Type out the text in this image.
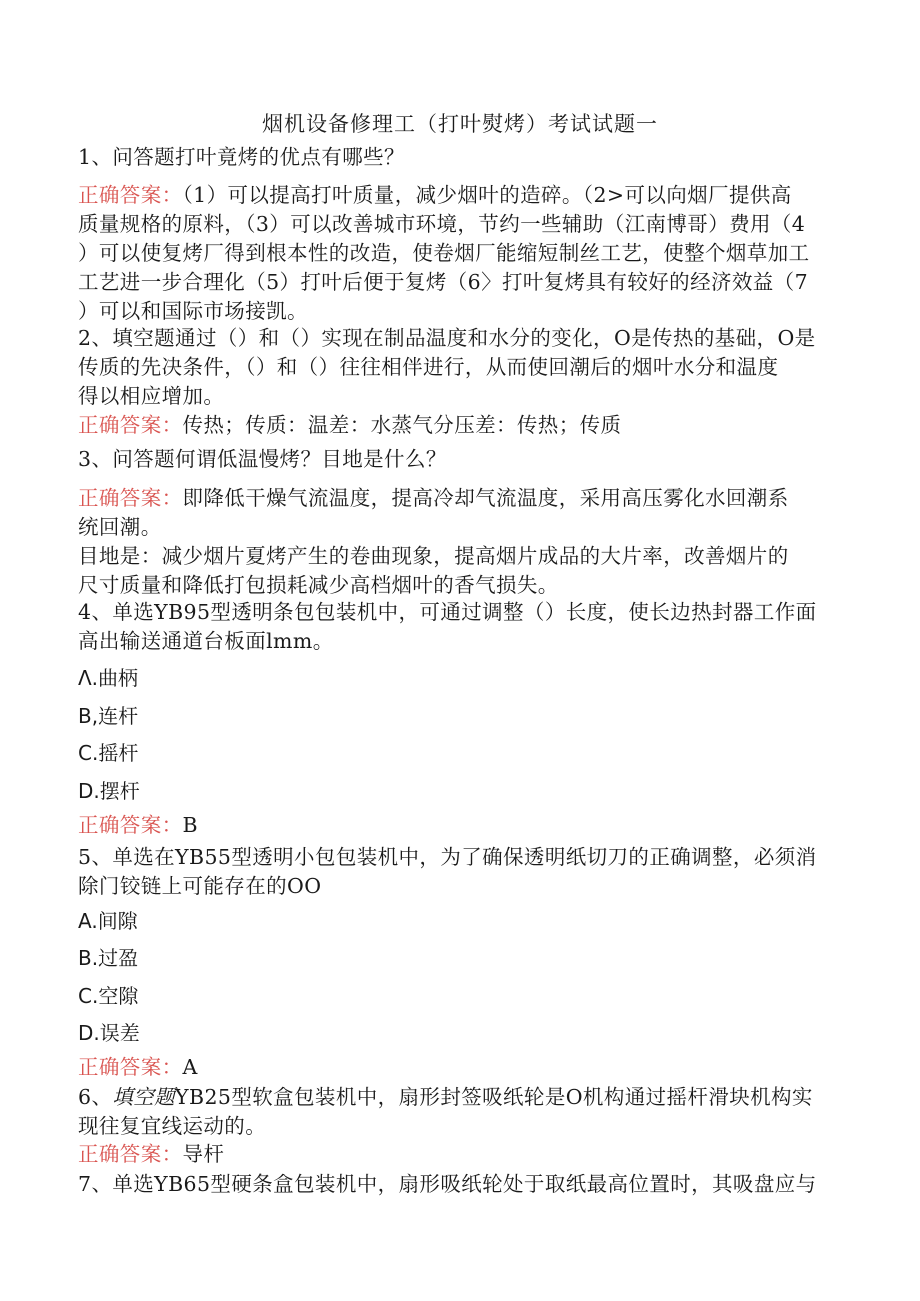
烟机设备修理工（打叶熨烤）考试试题一
1、问答题打叶竟烤的优点有哪些？
正确答案：（1）可以提高打叶质量，减少烟叶的造碎。（2>可以向烟厂提供高
质量规格的原料，（3）可以改善城市环境，节约一些辅助（江南博哥）费用（4
）可以使复烤厂得到根本性的改造，使卷烟厂能缩短制丝工艺，使整个烟草加工
工艺进一步合理化（5）打叶后便于复烤（6〉打叶复烤具有较好的经济效益（7
）可以和国际市场接凯。
2、填空题通过（）和（）实现在制品温度和水分的变化，O是传热的基础，O是
传质的先决条件，（）和（）往往相伴进行，从而使回潮后的烟叶水分和温度
得以相应增加。
正确答案：传热；传质：温差：水蒸气分压差：传热；传质
3、问答题何谓低温慢烤？目地是什么？
正确答案：即降低干燥气流温度，提高冷却气流温度，采用高压雾化水回潮系
统回潮。
目地是：减少烟片夏烤产生的卷曲现象，提高烟片成品的大片率，改善烟片的
尺寸质量和降低打包损耗减少高档烟叶的香气损失。
4、单选YB95型透明条包包装机中，可通过调整（）长度，使长边热封器工作面
高出输送通道台板面lmm。
Λ.曲柄
B,连杆
C.摇杆
D.摆杆
正确答案：B
5、单选在YB55型透明小包包装机中，为了确保透明纸切刀的正确调整，必须消
除门铰链上可能存在的OO
A.间隙
B.过盈
C.空隙
D.误差
正确答案：A
6、填空题YB25型软盒包装机中，扇形封签吸纸轮是O机构通过摇杆滑块机构实
现往复宜线运动的。
正确答案：导杆
7、单选YB65型硬条盒包装机中，扇形吸纸轮处于取纸最高位置时，其吸盘应与
